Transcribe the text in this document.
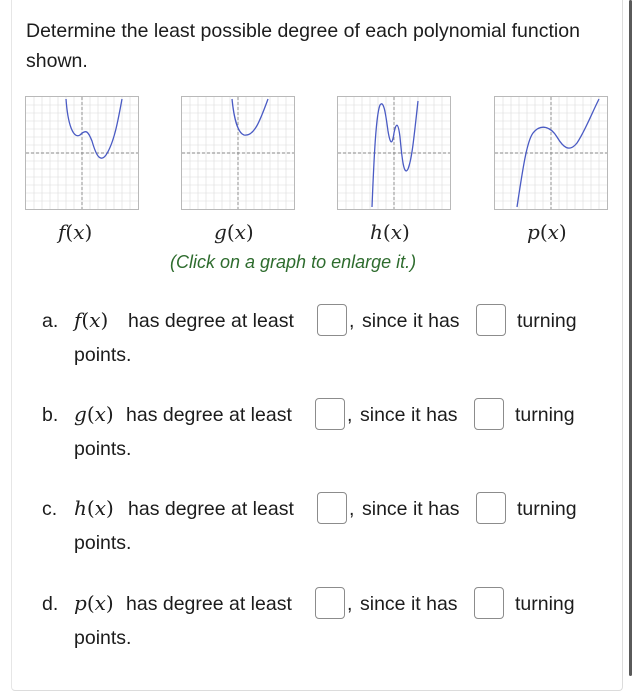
Determine the least possible degree of each polynomial function shown.
f(x)	g(x)	h(x)	p(x)
(Click on a graph to enlarge it.)
a. f(x) has degree at least	, since it has	turning
points.
b. g(x) has degree at least	, since it has	turning
points.
c. h(x) has degree at least	, since it has	turning
points.
d. p(x) has degree at least	, since it has	turning
points.
